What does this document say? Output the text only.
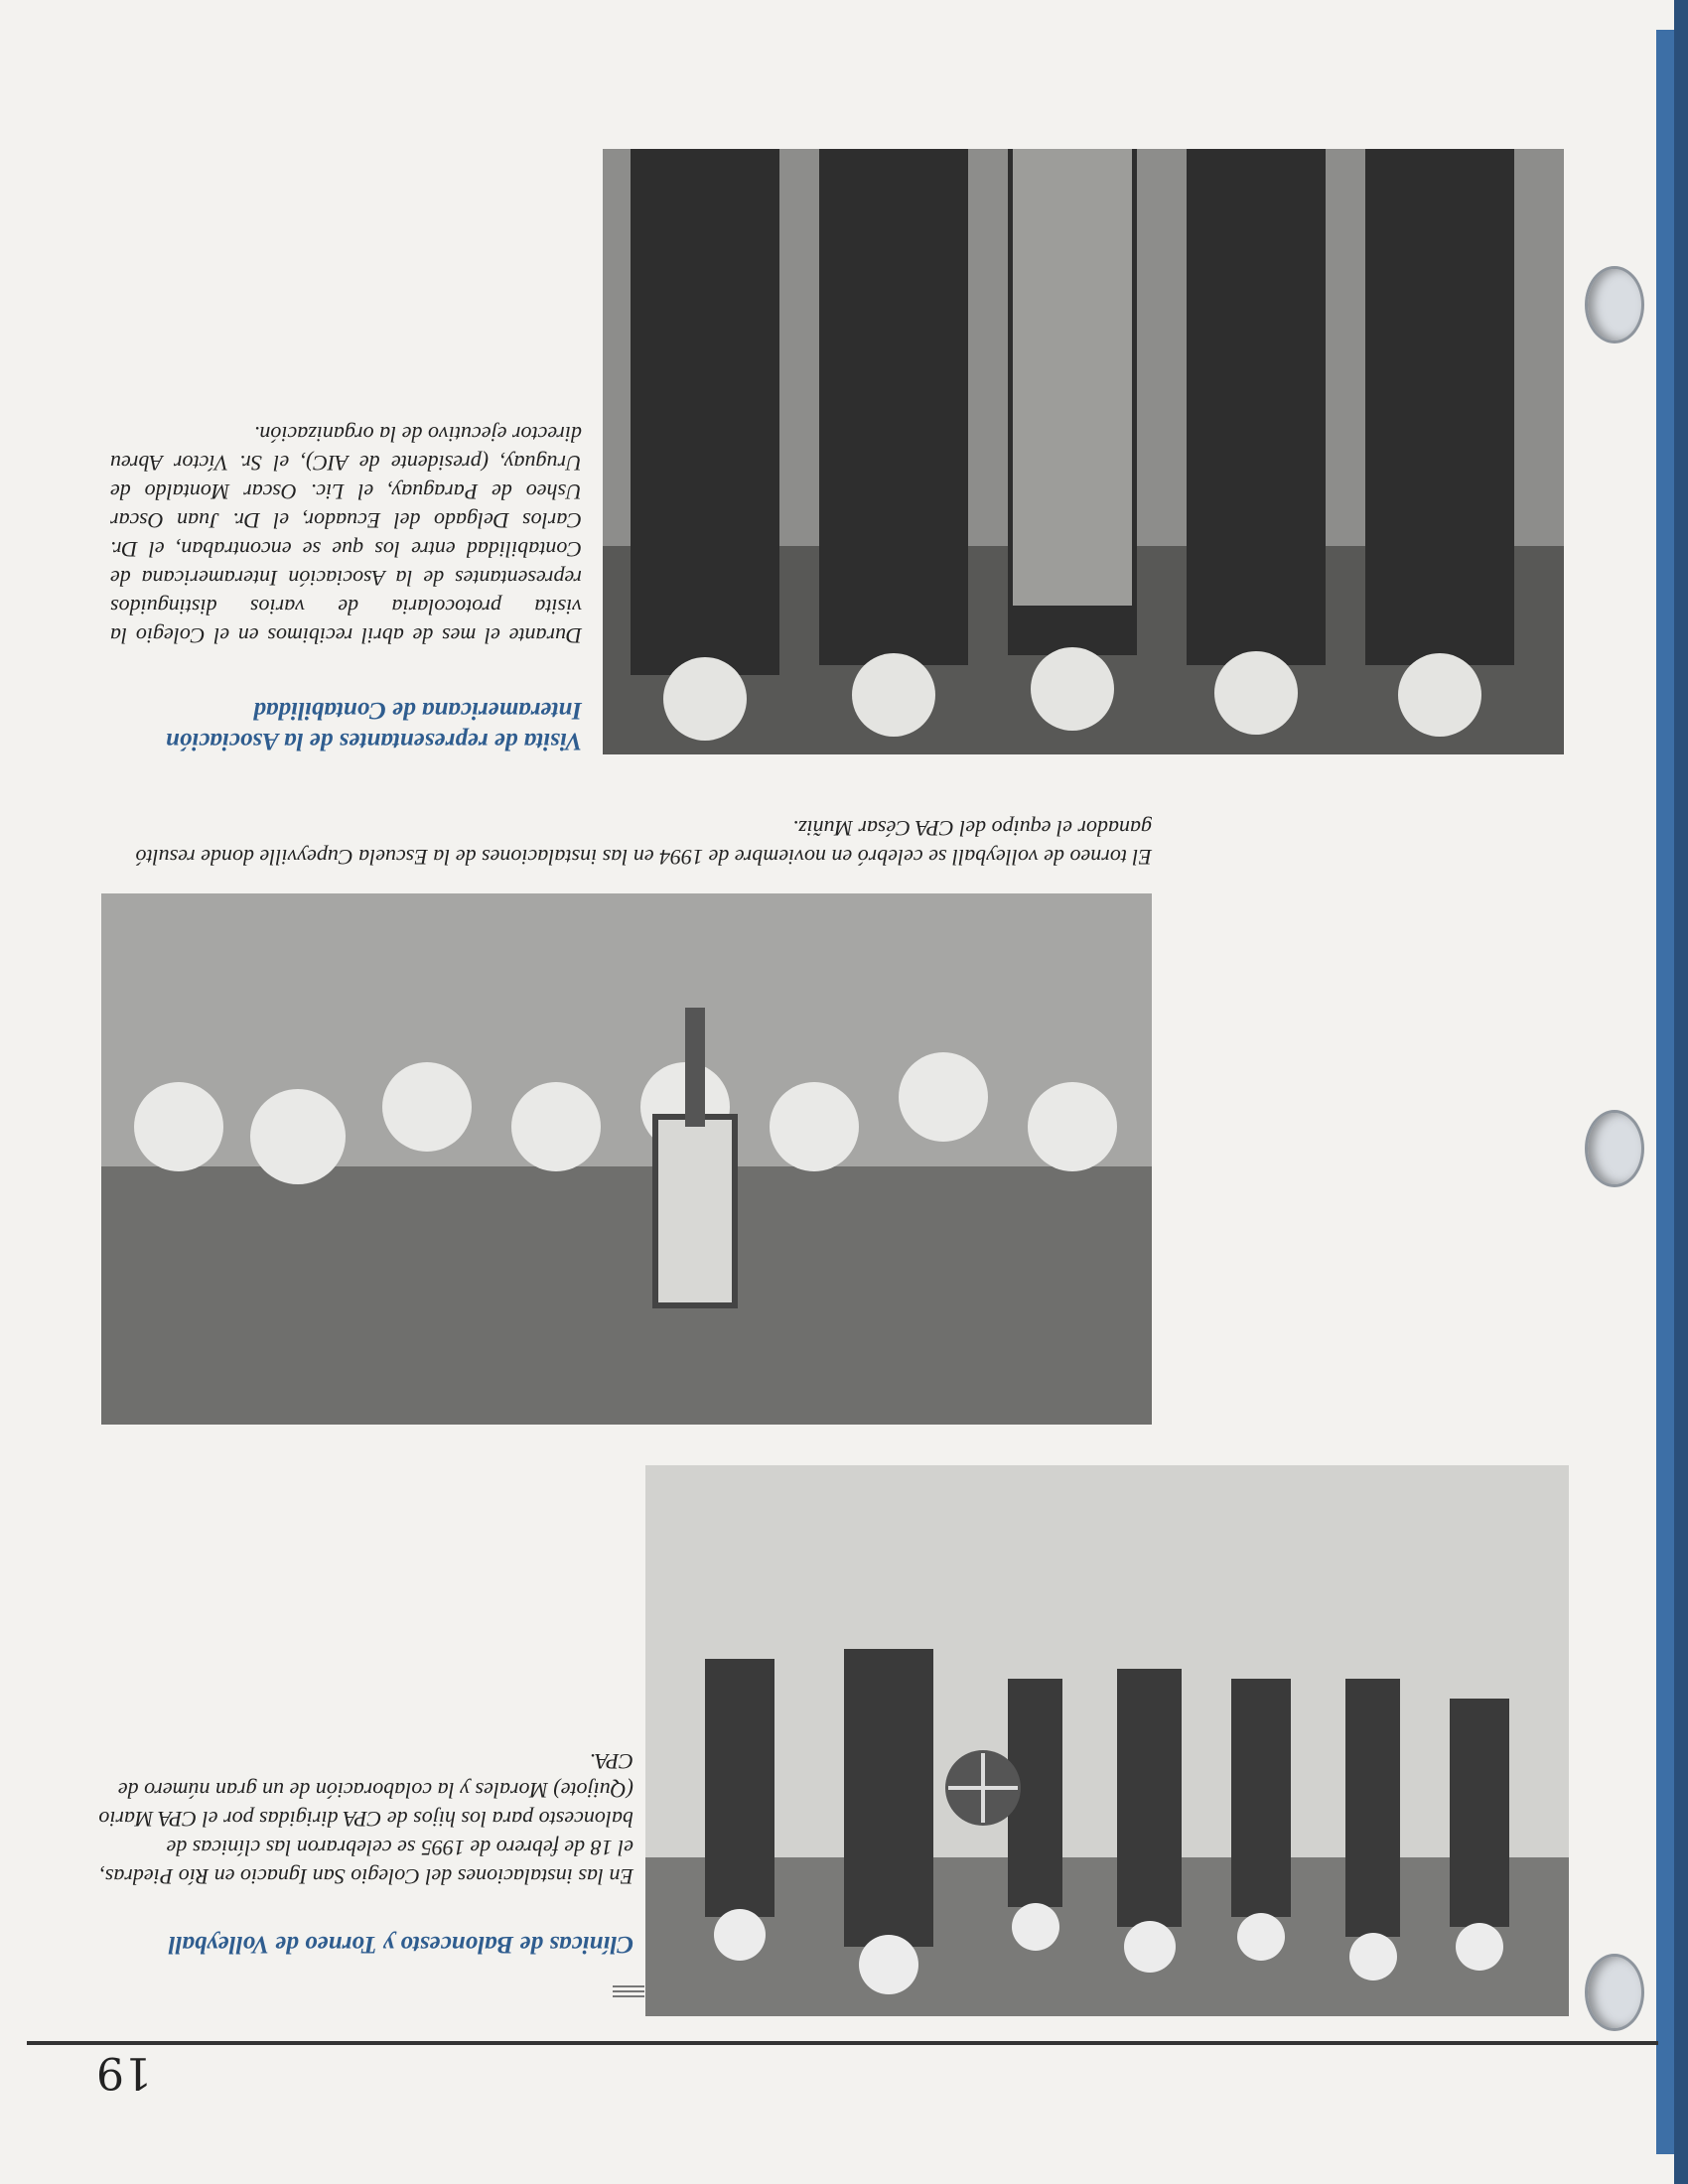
19
Clínicas de Baloncesto y Torneo de Volleyball
En las instalaciones del Colegio San Ignacio en Río Piedras, el 18 de febrero de 1995 se celebraron las clínicas de baloncesto para los hijos de CPA dirigidas por el CPA Mario (Quijote) Morales y la colaboración de un gran número de CPA.
El torneo de volleyball se celebró en noviembre de 1994 en las instalaciones de la Escuela Cupeyville donde resultó ganador el equipo del CPA César Muñiz.
Visita de representantes de la Asociación Interamericana de Contabilidad
Durante el mes de abril recibimos en el Colegio la visita protocolaria de varios distinguidos representantes de la Asociación Interamericana de Contabilidad entre los que se encontraban, el Dr. Carlos Delgado del Ecuador, el Dr. Juan Oscar Usheo de Paraguay, el Lic. Oscar Montaldo de Uruguay, (presidente de AIC), el Sr. Víctor Abreu director ejecutivo de la organización.
